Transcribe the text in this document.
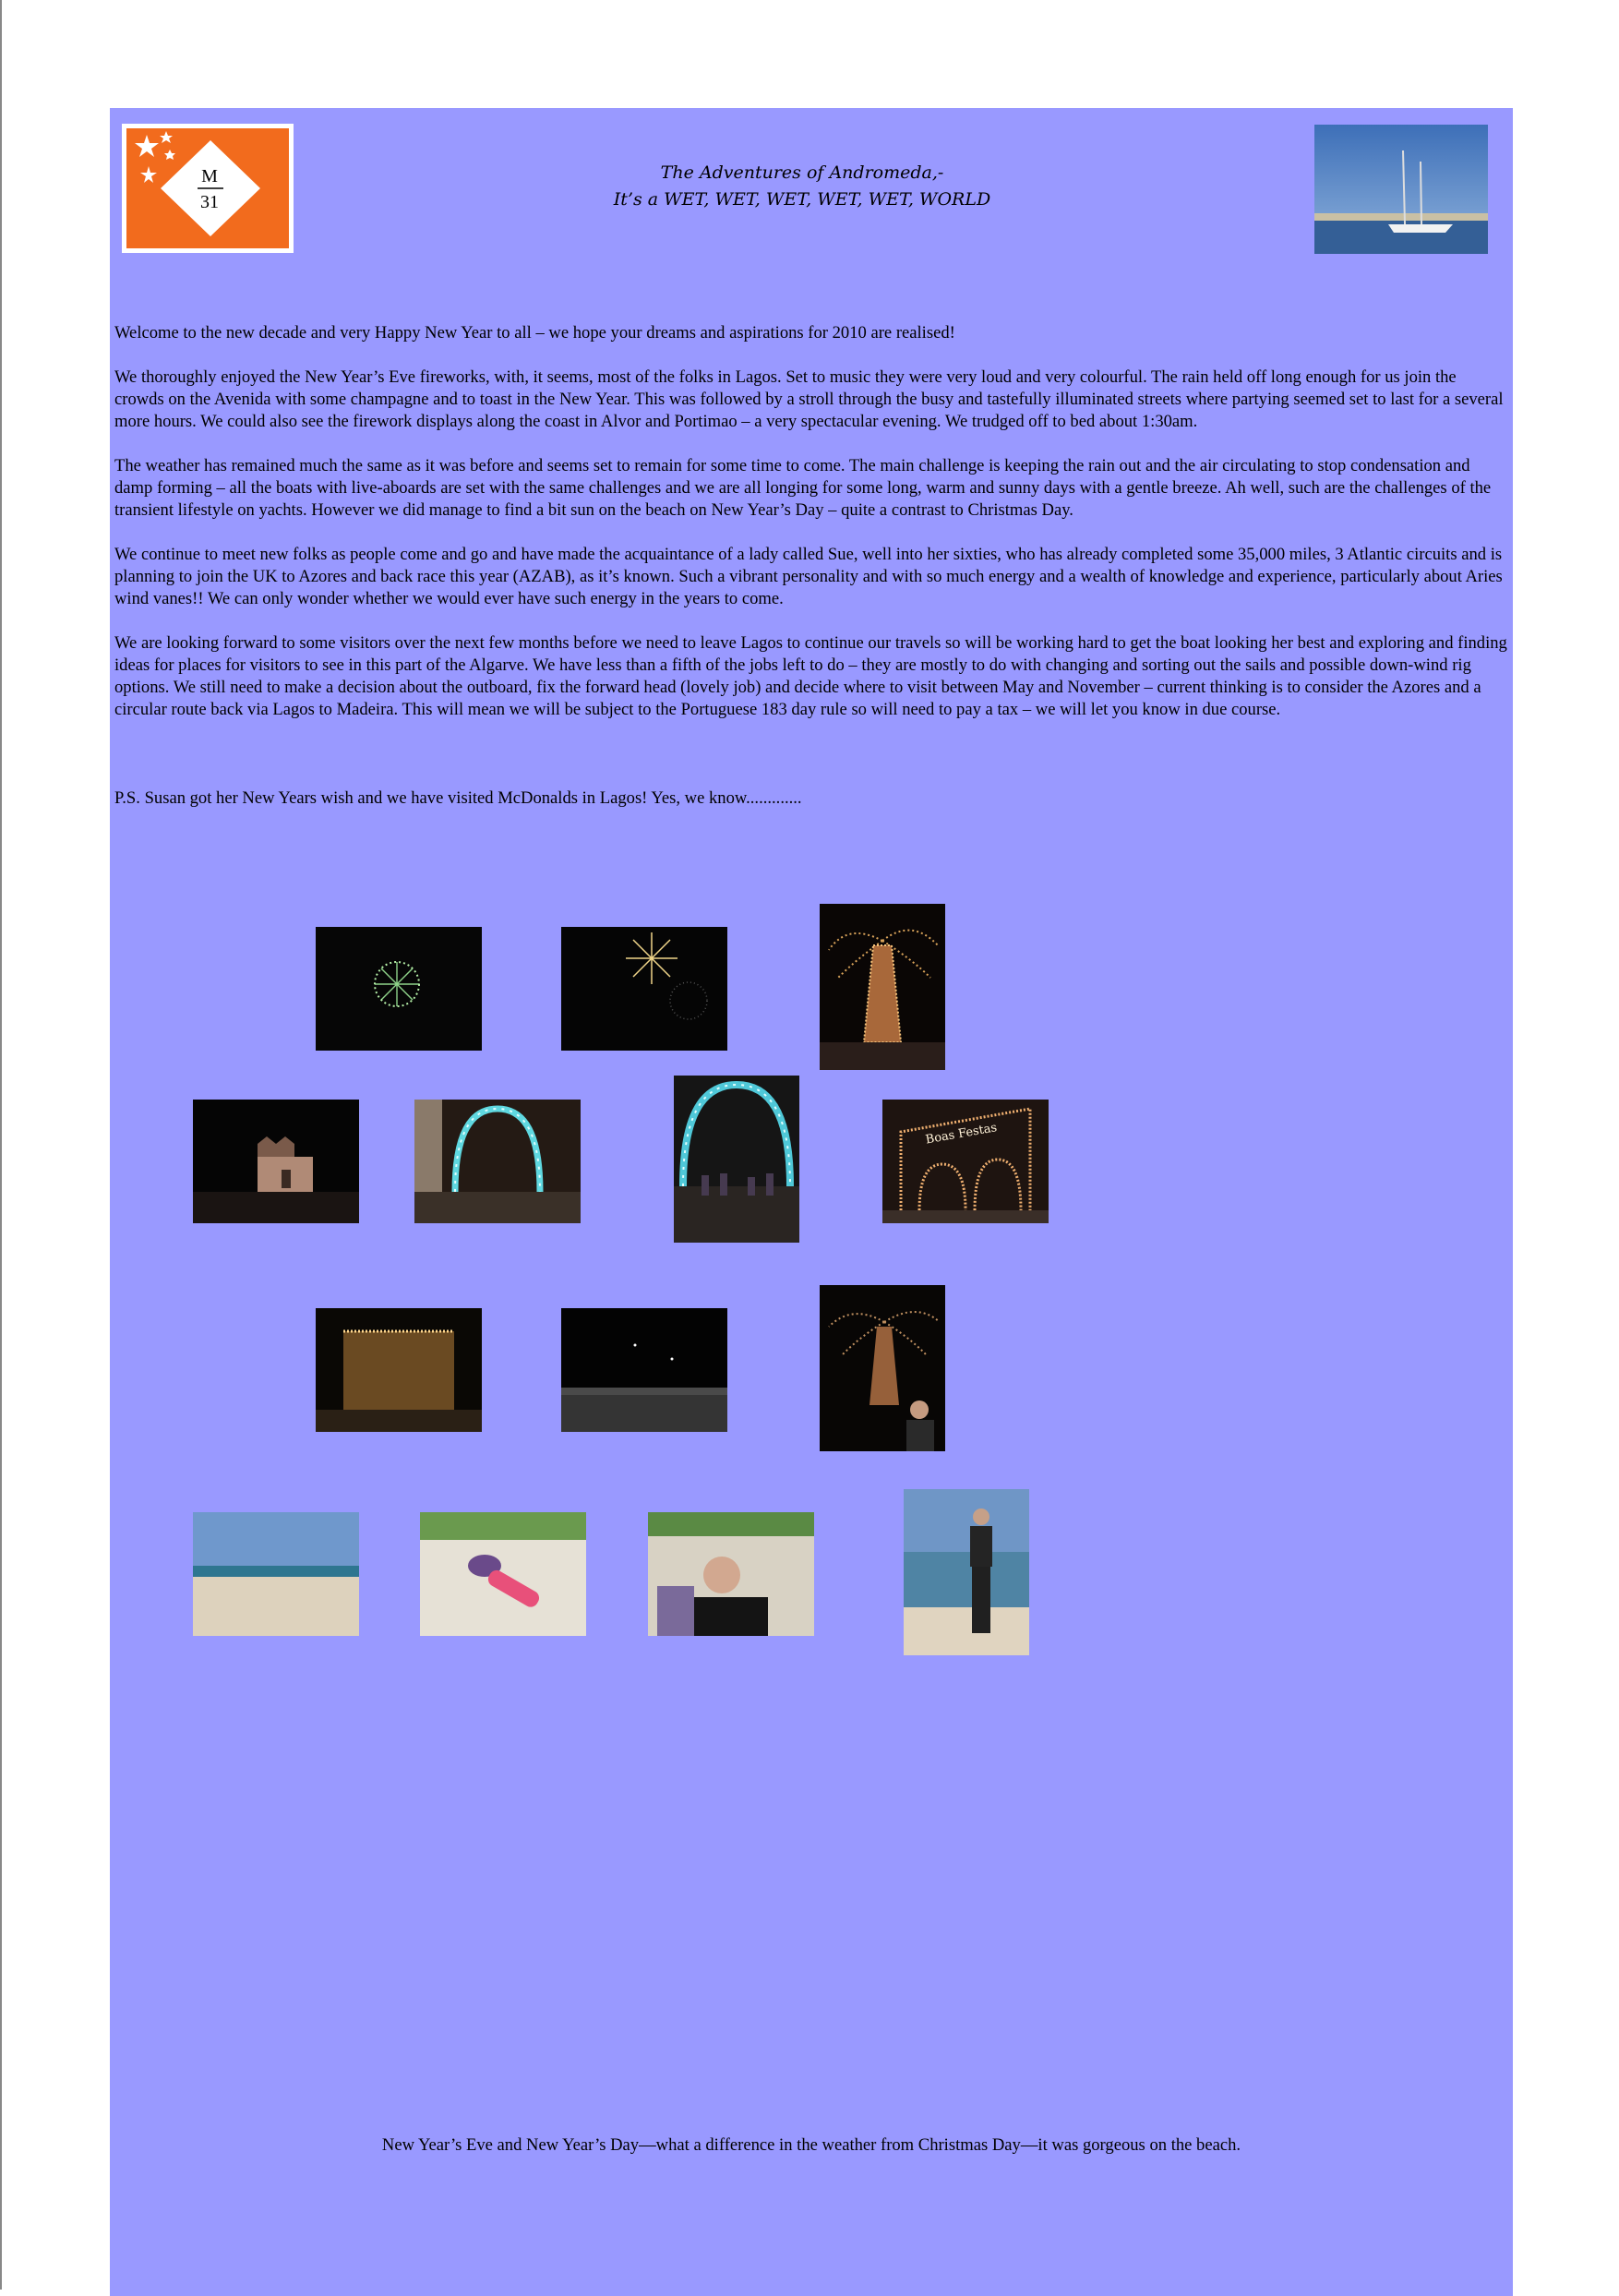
M
31
The Adventures of Andromeda,-
It’s a WET, WET, WET, WET, WET, WORLD

Welcome to the new decade and very Happy New Year to all – we hope your dreams and aspirations for 2010 are realised!

We thoroughly enjoyed the New Year’s Eve fireworks, with, it seems, most of the folks in Lagos. Set to music they were very loud and very colourful. The rain held off long enough for us join the crowds on the Avenida with some champagne and to toast in the New Year. This was followed by a stroll through the busy and tastefully illuminated streets where partying seemed set to last for a several more hours. We could also see the firework displays along the coast in Alvor and Portimao – a very spectacular evening. We trudged off to bed about 1:30am.

The weather has remained much the same as it was before and seems set to remain for some time to come. The main challenge is keeping the rain out and the air circulating to stop condensation and damp forming – all the boats with live-aboards are set with the same challenges and we are all longing for some long, warm and sunny days with a gentle breeze. Ah well, such are the challenges of the transient lifestyle on yachts. However we did manage to find a bit sun on the beach on New Year’s Day – quite a contrast to Christmas Day.

We continue to meet new folks as people come and go and have made the acquaintance of a lady called Sue, well into her sixties, who has already completed some 35,000 miles, 3 Atlantic circuits and is planning to join the UK to Azores and back race this year (AZAB), as it’s known. Such a vibrant personality and with so much energy and a wealth of knowledge and experience, particularly about Aries wind vanes!! We can only wonder whether we would ever have such energy in the years to come.

We are looking forward to some visitors over the next few months before we need to leave Lagos to continue our travels so will be working hard to get the boat looking her best and exploring and finding ideas for places for visitors to see in this part of the Algarve. We have less than a fifth of the jobs left to do – they are mostly to do with changing and sorting out the sails and possible down-wind rig options. We still need to make a decision about the outboard, fix the forward head (lovely job) and decide where to visit between May and November – current thinking is to consider the Azores and a circular route back via Lagos to Madeira. This will mean we will be subject to the Portuguese 183 day rule so will need to pay a tax – we will let you know in due course.

P.S. Susan got her New Years wish and we have visited McDonalds in Lagos! Yes, we know.............

Boas Festas
New Year’s Eve and New Year’s Day—what a difference in the weather from Christmas Day—it was gorgeous on the beach.
